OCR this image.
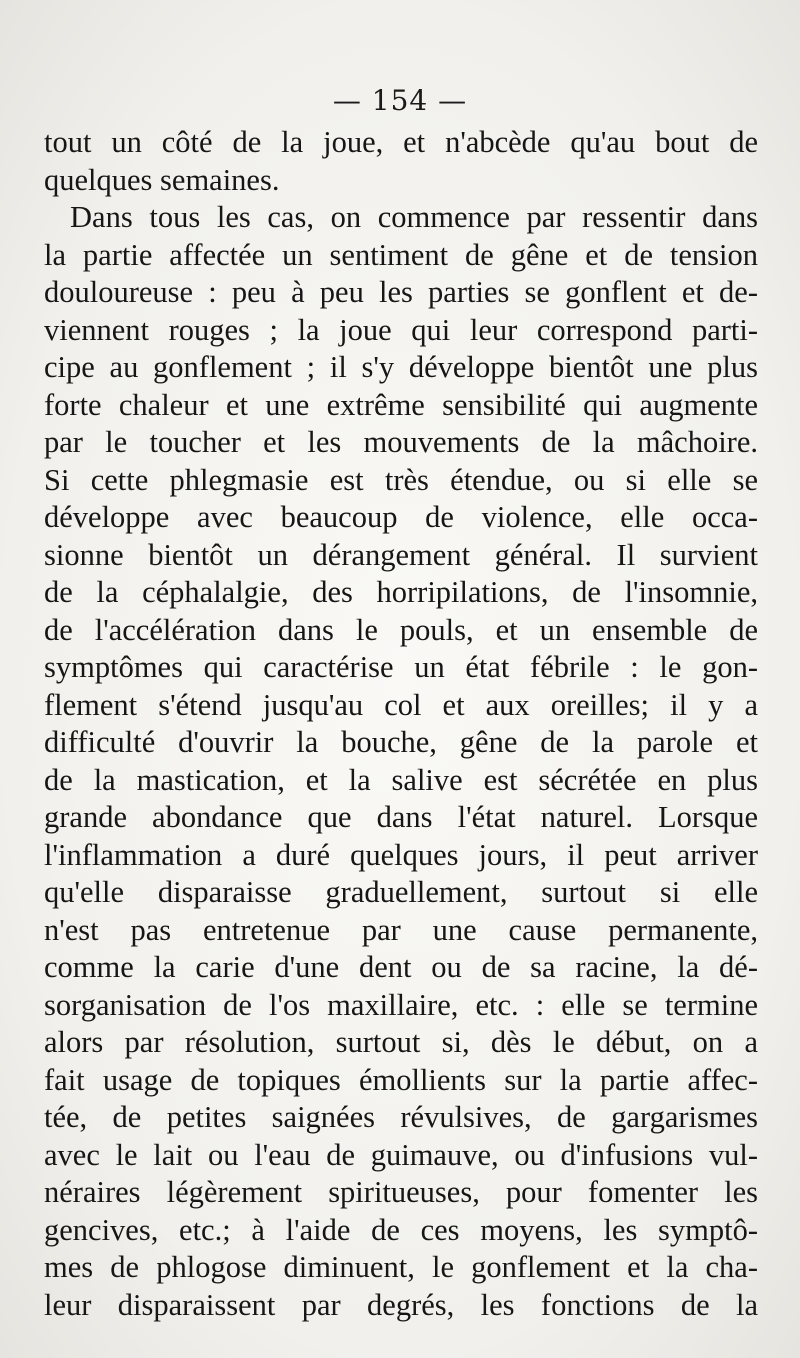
— 154 —
tout un côté de la joue, et n'abcède qu'au bout de
quelques semaines.
Dans tous les cas, on commence par ressentir dans
la partie affectée un sentiment de gêne et de tension
douloureuse : peu à peu les parties se gonflent et de-
viennent rouges ; la joue qui leur correspond parti-
cipe au gonflement ; il s'y développe bientôt une plus
forte chaleur et une extrême sensibilité qui augmente
par le toucher et les mouvements de la mâchoire.
Si cette phlegmasie est très étendue, ou si elle se
développe avec beaucoup de violence, elle occa-
sionne bientôt un dérangement général. Il survient
de la céphalalgie, des horripilations, de l'insomnie,
de l'accélération dans le pouls, et un ensemble de
symptômes qui caractérise un état fébrile : le gon-
flement s'étend jusqu'au col et aux oreilles; il y a
difficulté d'ouvrir la bouche, gêne de la parole et
de la mastication, et la salive est sécrétée en plus
grande abondance que dans l'état naturel. Lorsque
l'inflammation a duré quelques jours, il peut arriver
qu'elle disparaisse graduellement, surtout si elle
n'est pas entretenue par une cause permanente,
comme la carie d'une dent ou de sa racine, la dé-
sorganisation de l'os maxillaire, etc. : elle se termine
alors par résolution, surtout si, dès le début, on a
fait usage de topiques émollients sur la partie affec-
tée, de petites saignées révulsives, de gargarismes
avec le lait ou l'eau de guimauve, ou d'infusions vul-
néraires légèrement spiritueuses, pour fomenter les
gencives, etc.; à l'aide de ces moyens, les symptô-
mes de phlogose diminuent, le gonflement et la cha-
leur disparaissent par degrés, les fonctions de la
